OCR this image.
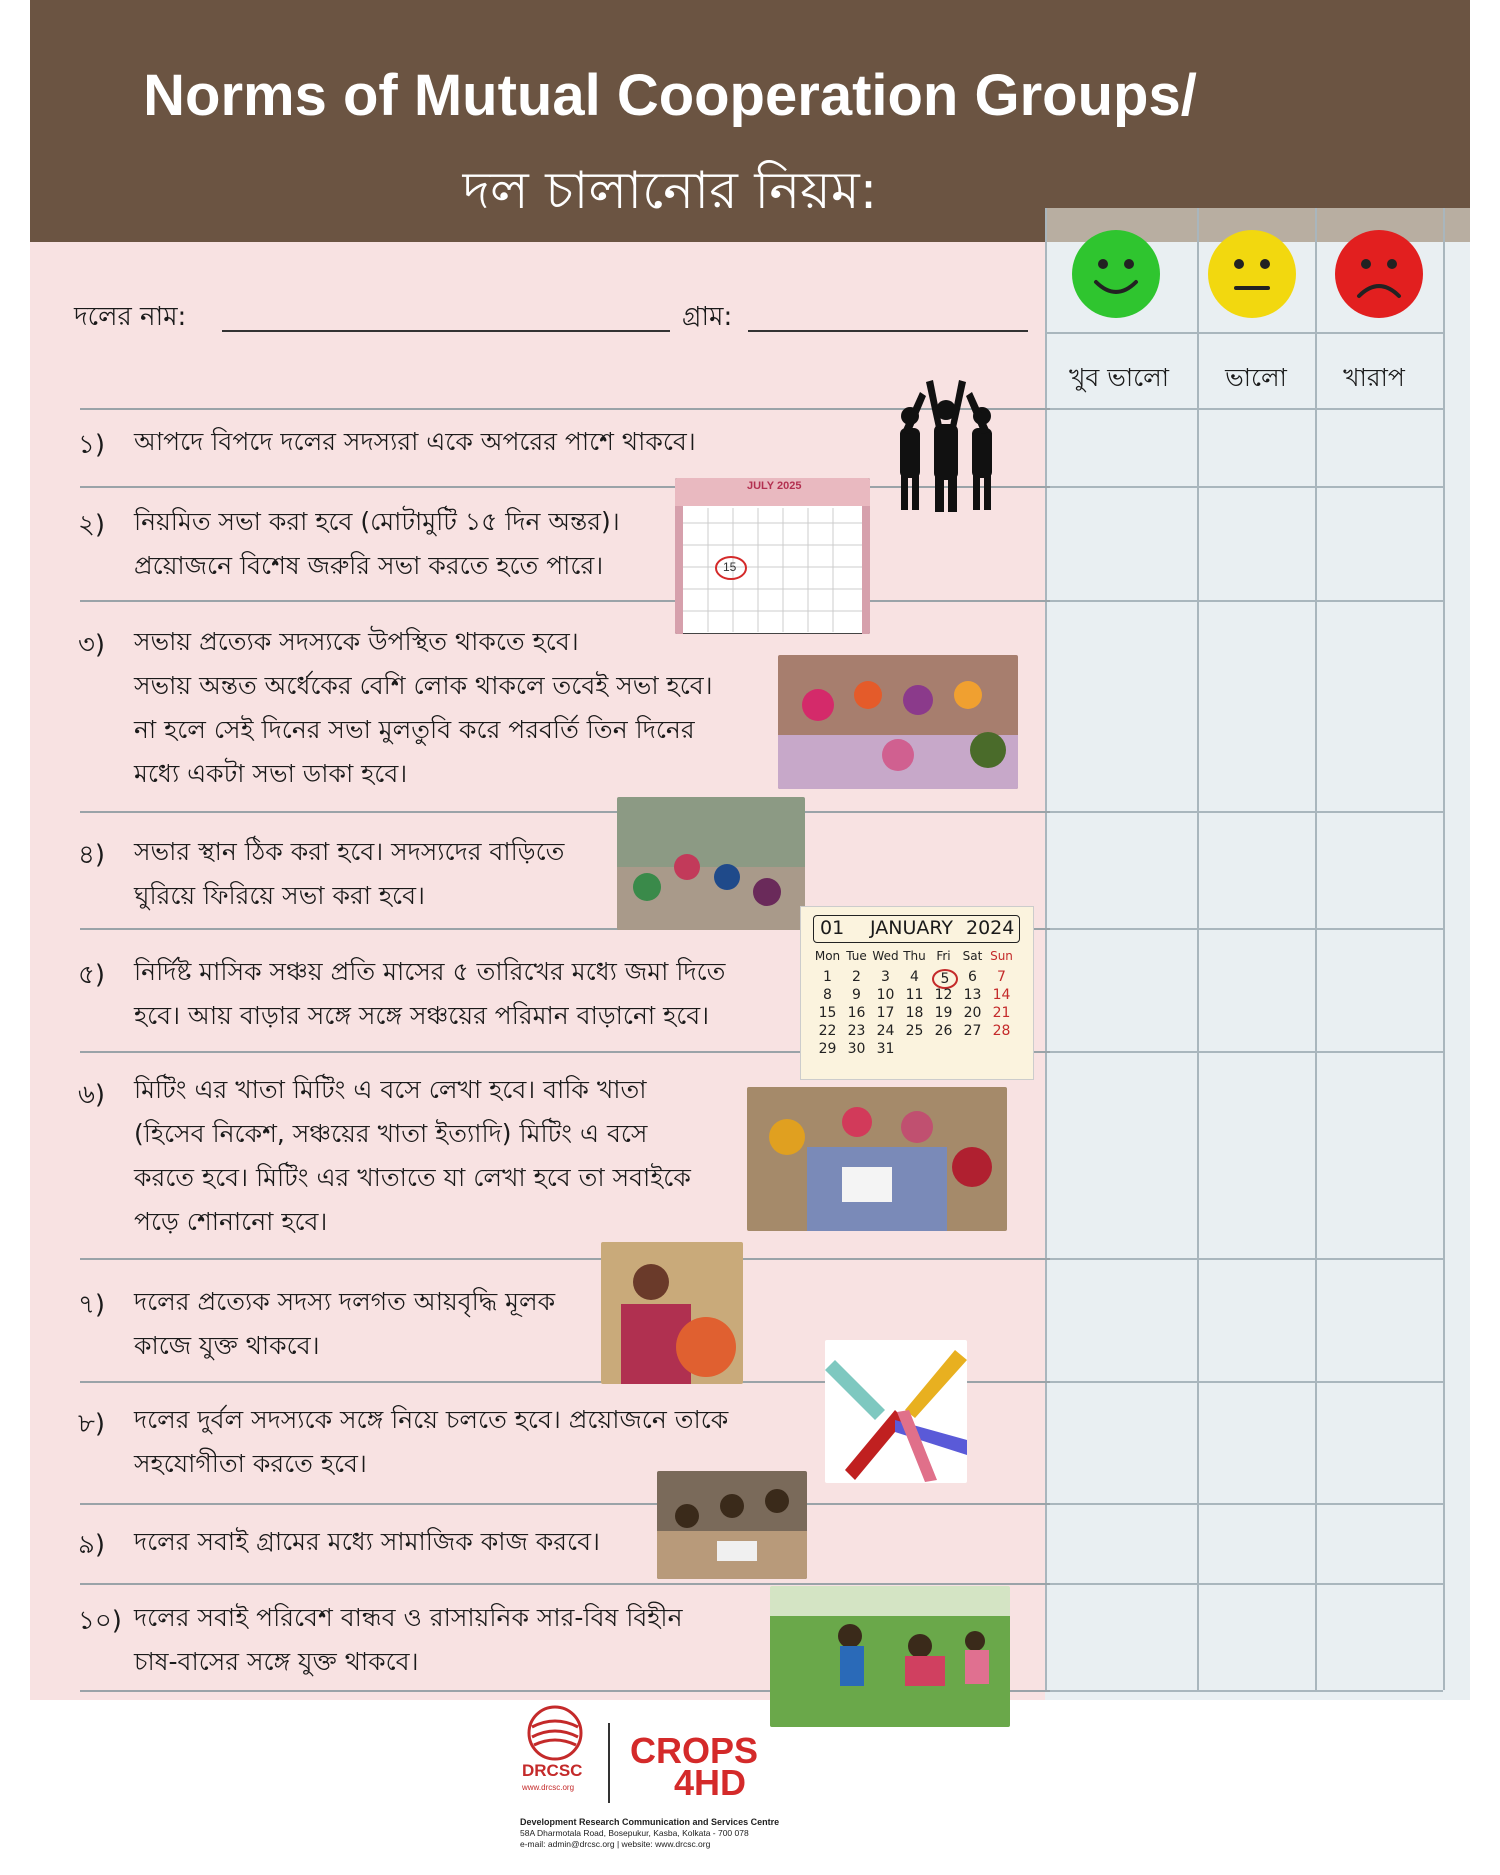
Norms of Mutual Cooperation Groups/
দল চালানোর নিয়ম:
খুব ভালো	ভালো	খারাপ
দলের নাম:	গ্রাম:
১) আপদে বিপদে দলের সদস্যরা একে অপরের পাশে থাকবে।
২) নিয়মিত সভা করা হবে (মোটামুটি ১৫ দিন অন্তর)।
প্রয়োজনে বিশেষ জরুরি সভা করতে হতে পারে।
৩) সভায় প্রত্যেক সদস্যকে উপস্থিত থাকতে হবে।
সভায় অন্তত অর্ধেকের বেশি লোক থাকলে তবেই সভা হবে।
না হলে সেই দিনের সভা মুলতুবি করে পরবর্তি তিন দিনের
মধ্যে একটা সভা ডাকা হবে।
৪) সভার স্থান ঠিক করা হবে। সদস্যদের বাড়িতে
ঘুরিয়ে ফিরিয়ে সভা করা হবে।
৫) নির্দিষ্ট মাসিক সঞ্চয় প্রতি মাসের ৫ তারিখের মধ্যে জমা দিতে
হবে। আয় বাড়ার সঙ্গে সঙ্গে সঞ্চয়ের পরিমান বাড়ানো হবে।
৬) মিটিং এর খাতা মিটিং এ বসে লেখা হবে। বাকি খাতা
(হিসেব নিকেশ, সঞ্চয়ের খাতা ইত্যাদি) মিটিং এ বসে
করতে হবে। মিটিং এর খাতাতে যা লেখা হবে তা সবাইকে
পড়ে শোনানো হবে।
৭) দলের প্রত্যেক সদস্য দলগত আয়বৃদ্ধি মূলক
কাজে যুক্ত থাকবে।
৮) দলের দুর্বল সদস্যকে সঙ্গে নিয়ে চলতে হবে। প্রয়োজনে তাকে
সহযোগীতা করতে হবে।
৯) দলের সবাই গ্রামের মধ্যে সামাজিক কাজ করবে।
১০) দলের সবাই পরিবেশ বান্ধব ও রাসায়নিক সার-বিষ বিহীন
চাষ-বাসের সঙ্গে যুক্ত থাকবে।
JULY 2025
15
01 JANUARY 2024
Mon Tue Wed Thu Fri	Sat Sun
1	2	3	4	5	6	7
8	9	10 11 12 13 14
15 16 17 18 19 20 21
22 23 24 25 26 27 28
29 30 31
DRCSC
www.drcsc.org
CROPS
4HD
Development Research Communication and Services Centre
58A Dharmotala Road, Bosepukur, Kasba, Kolkata - 700 078
e-mail: admin@drcsc.org | website: www.drcsc.org
